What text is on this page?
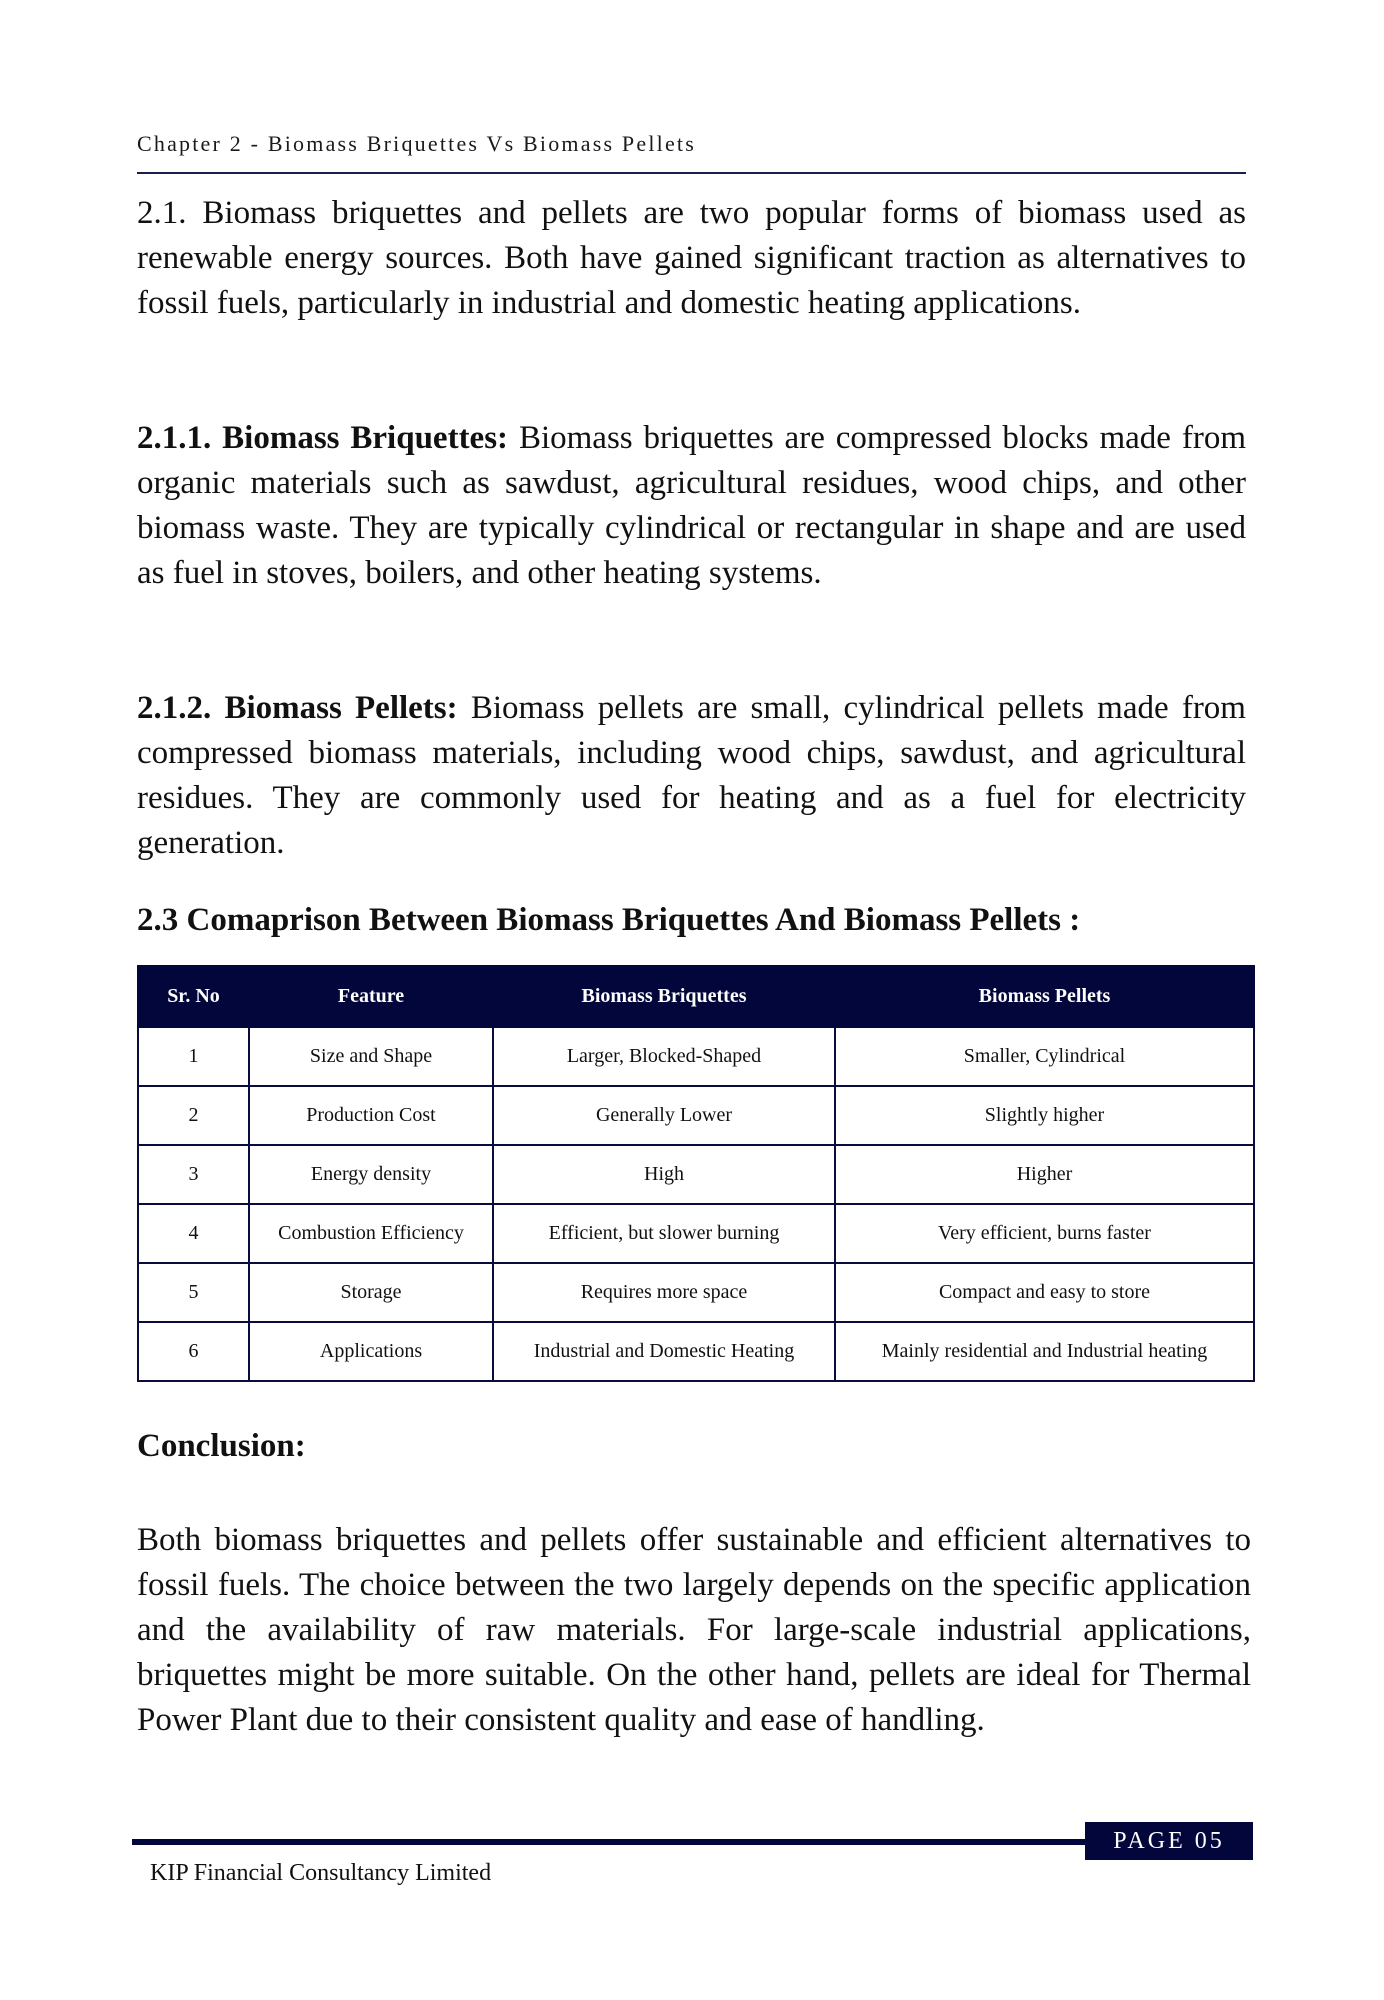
Chapter 2 - Biomass Briquettes Vs Biomass Pellets

2.1. Biomass briquettes and pellets are two popular forms of biomass used as renewable energy sources. Both have gained significant traction as alternatives to fossil fuels, particularly in industrial and domestic heating applications.

2.1.1. Biomass Briquettes: Biomass briquettes are compressed blocks made from organic materials such as sawdust, agricultural residues, wood chips, and other biomass waste. They are typically cylindrical or rectangular in shape and are used as fuel in stoves, boilers, and other heating systems.

2.1.2. Biomass Pellets: Biomass pellets are small, cylindrical pellets made from compressed biomass materials, including wood chips, sawdust, and agricultural residues. They are commonly used for heating and as a fuel for electricity generation.

2.3 Comaprison Between Biomass Briquettes And Biomass Pellets :
Sr. No	Feature	Biomass Briquettes	Biomass Pellets
1	Size and Shape	Larger, Blocked-Shaped	Smaller, Cylindrical
2	Production Cost	Generally Lower	Slightly higher
3	Energy density	High	Higher
4	Combustion Efficiency	Efficient, but slower burning	Very efficient, burns faster
5	Storage	Requires more space	Compact and easy to store
6	Applications	Industrial and Domestic Heating	Mainly residential and Industrial heating
Conclusion:

Both biomass briquettes and pellets offer sustainable and efficient alternatives to fossil fuels. The choice between the two largely depends on the specific application and the availability of raw materials. For large-scale industrial applications, briquettes might be more suitable. On the other hand, pellets are ideal for Thermal Power Plant due to their consistent quality and ease of handling.

PAGE 05
KIP Financial Consultancy Limited
